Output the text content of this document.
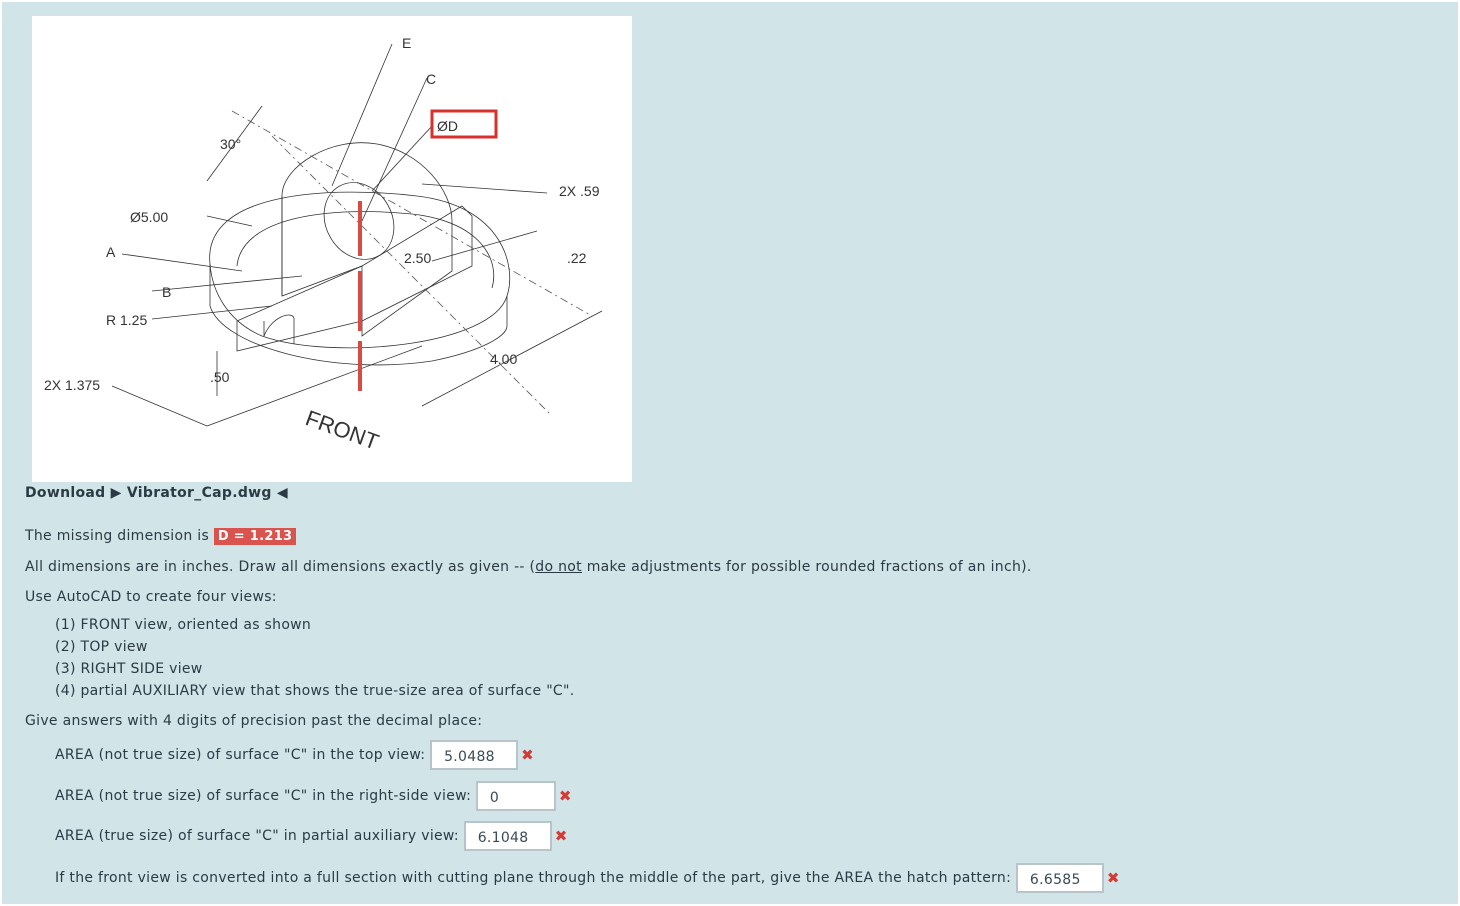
E
C
ØD
30°
Ø5.00
A
B
R 1.25
2X 1.375
2X .59
.22
2.50
4.00
.50
FRONT
Download ▶ Vibrator_Cap.dwg ◀
The missing dimension is D = 1.213
All dimensions are in inches. Draw all dimensions exactly as given -- (do not make adjustments for possible rounded fractions of an inch).
Use AutoCAD to create four views:
(1) FRONT view, oriented as shown
(2) TOP view
(3) RIGHT SIDE view
(4) partial AUXILIARY view that shows the true-size area of surface "C".
Give answers with 4 digits of precision past the decimal place:
AREA (not true size) of surface "C" in the top view: 5.0488 ✖
AREA (not true size) of surface "C" in the right-side view: 0	✖
AREA (true size) of surface "C" in partial auxiliary view: 6.1048 ✖
If the front view is converted into a full section with cutting plane through the middle of the part, give the AREA the hatch pattern: 6.6585 ✖
